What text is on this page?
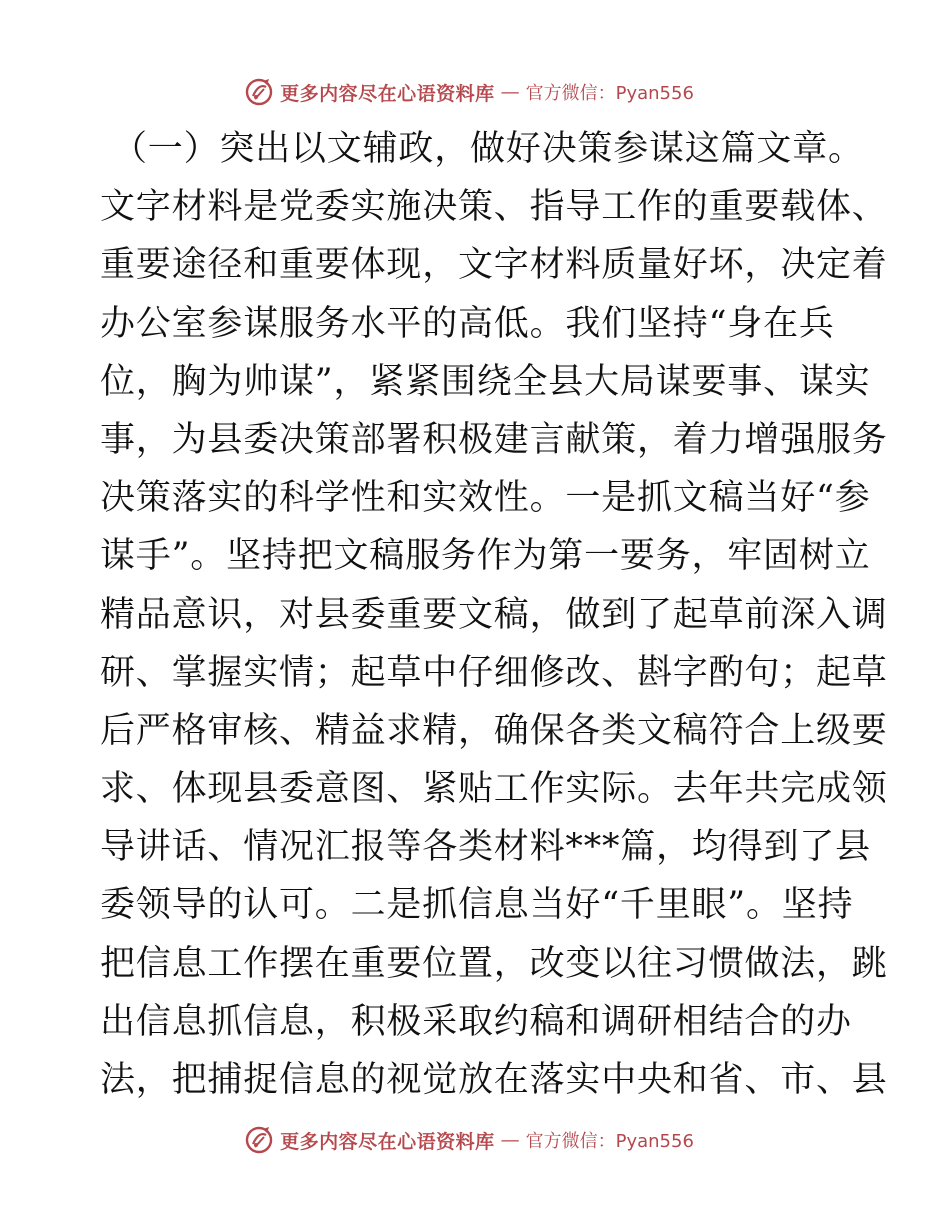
更多内容尽在心语资料库 — 官方微信：Pyan556
（一）突出以文辅政，做好决策参谋这篇文章。
文字材料是党委实施决策、指导工作的重要载体、
重要途径和重要体现，文字材料质量好坏，决定着
办公室参谋服务水平的高低。我们坚持“身在兵
位，胸为帅谋”，紧紧围绕全县大局谋要事、谋实
事，为县委决策部署积极建言献策，着力增强服务
决策落实的科学性和实效性。一是抓文稿当好“参
谋手”。坚持把文稿服务作为第一要务，牢固树立
精品意识，对县委重要文稿，做到了起草前深入调
研、掌握实情；起草中仔细修改、斟字酌句；起草
后严格审核、精益求精，确保各类文稿符合上级要
求、体现县委意图、紧贴工作实际。去年共完成领
导讲话、情况汇报等各类材料***篇，均得到了县
委领导的认可。二是抓信息当好“千里眼”。坚持
把信息工作摆在重要位置，改变以往习惯做法，跳
出信息抓信息，积极采取约稿和调研相结合的办
法，把捕捉信息的视觉放在落实中央和省、市、县
更多内容尽在心语资料库 — 官方微信：Pyan556
